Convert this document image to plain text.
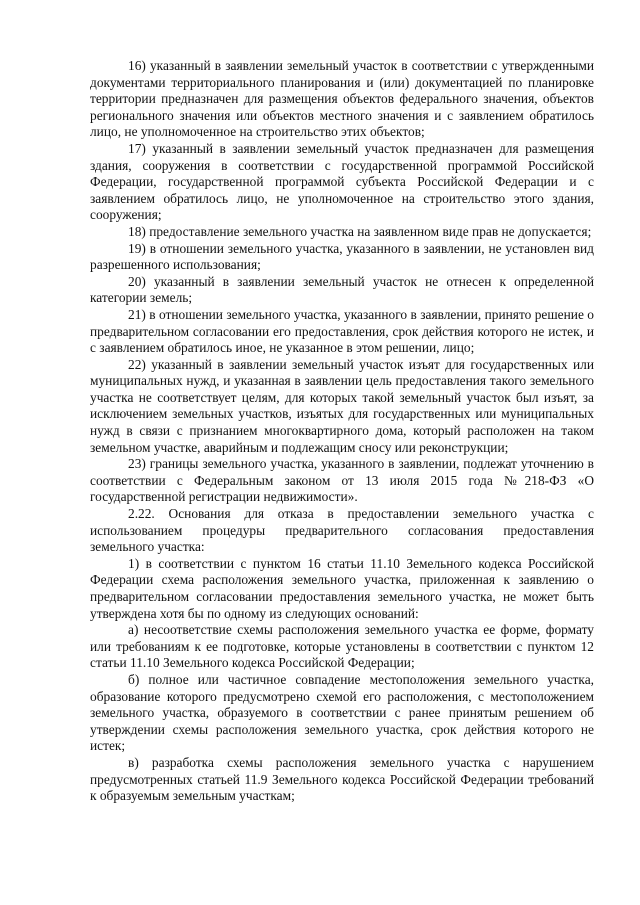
16) указанный в заявлении земельный участок в соответствии с утвержденными документами территориального планирования и (или) документацией по планировке территории предназначен для размещения объектов федерального значения, объектов регионального значения или объектов местного значения и с заявлением обратилось лицо, не уполномоченное на строительство этих объектов;

17) указанный в заявлении земельный участок предназначен для размещения здания, сооружения в соответствии с государственной программой Российской Федерации, государственной программой субъекта Российской Федерации и с заявлением обратилось лицо, не уполномоченное на строительство этого здания, сооружения;

18) предоставление земельного участка на заявленном виде прав не допускается;

19) в отношении земельного участка, указанного в заявлении, не установлен вид разрешенного использования;

20) указанный в заявлении земельный участок не отнесен к определенной категории земель;

21) в отношении земельного участка, указанного в заявлении, принято решение о предварительном согласовании его предоставления, срок действия которого не истек, и с заявлением обратилось иное, не указанное в этом решении, лицо;

22) указанный в заявлении земельный участок изъят для государственных или муниципальных нужд, и указанная в заявлении цель предоставления такого земельного участка не соответствует целям, для которых такой земельный участок был изъят, за исключением земельных участков, изъятых для государственных или муниципальных нужд в связи с признанием многоквартирного дома, который расположен на таком земельном участке, аварийным и подлежащим сносу или реконструкции;

23) границы земельного участка, указанного в заявлении, подлежат уточнению в соответствии с Федеральным законом от 13 июля 2015 года №218-ФЗ «О государственной регистрации недвижимости».

2.22. Основания для отказа в предоставлении земельного участка с использованием процедуры предварительного согласования предоставления земельного участка:

1) в соответствии с пунктом 16 статьи 11.10 Земельного кодекса Российской Федерации схема расположения земельного участка, приложенная к заявлению о предварительном согласовании предоставления земельного участка, не может быть утверждена хотя бы по одному из следующих оснований:

а) несоответствие схемы расположения земельного участка ее форме, формату или требованиям к ее подготовке, которые установлены в соответствии с пунктом 12 статьи 11.10 Земельного кодекса Российской Федерации;

б) полное или частичное совпадение местоположения земельного участка, образование которого предусмотрено схемой его расположения, с местоположением земельного участка, образуемого в соответствии с ранее принятым решением об утверждении схемы расположения земельного участка, срок действия которого не истек;

в) разработка схемы расположения земельного участка с нарушением предусмотренных статьей 11.9 Земельного кодекса Российской Федерации требований к образуемым земельным участкам;
